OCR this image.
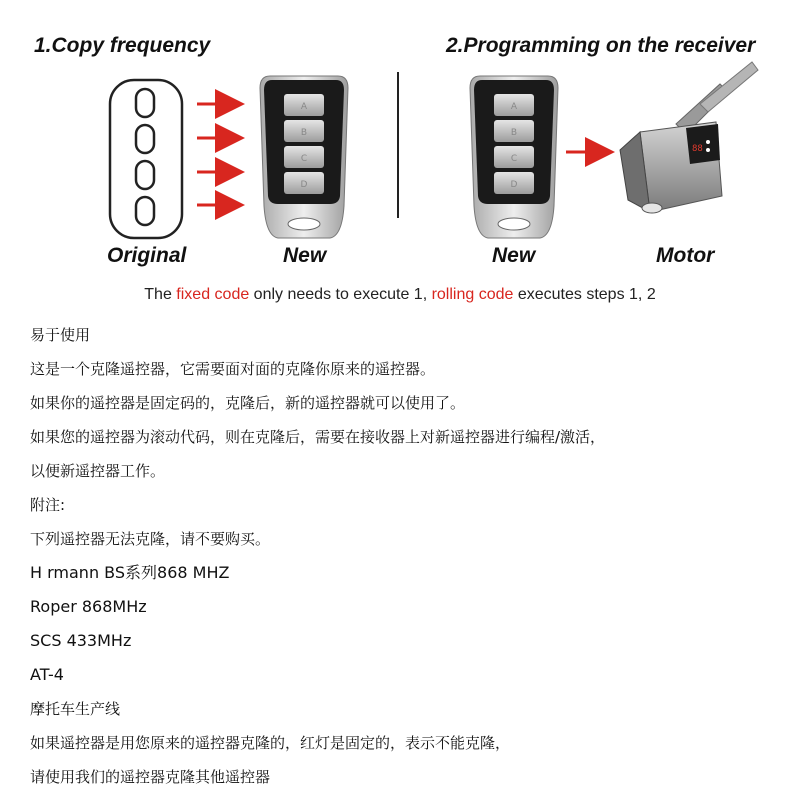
1.Copy frequency	2.Programming on the receiver
A
B
C
D
A
B
C
D
88
Original	New	New	Motor
The fixed code only needs to execute 1, rolling code executes steps 1, 2
易于使用
这是一个克隆遥控器，它需要面对面的克隆你原来的遥控器。
如果你的遥控器是固定码的，克隆后，新的遥控器就可以使用了。
如果您的遥控器为滚动代码，则在克隆后，需要在接收器上对新遥控器进行编程/激活，
以便新遥控器工作。
附注:
下列遥控器无法克隆，请不要购买。
H rmann BS系列868 MHZ
Roper 868MHz
SCS 433MHz
AT-4
摩托车生产线
如果遥控器是用您原来的遥控器克隆的，红灯是固定的，表示不能克隆，
请使用我们的遥控器克隆其他遥控器
